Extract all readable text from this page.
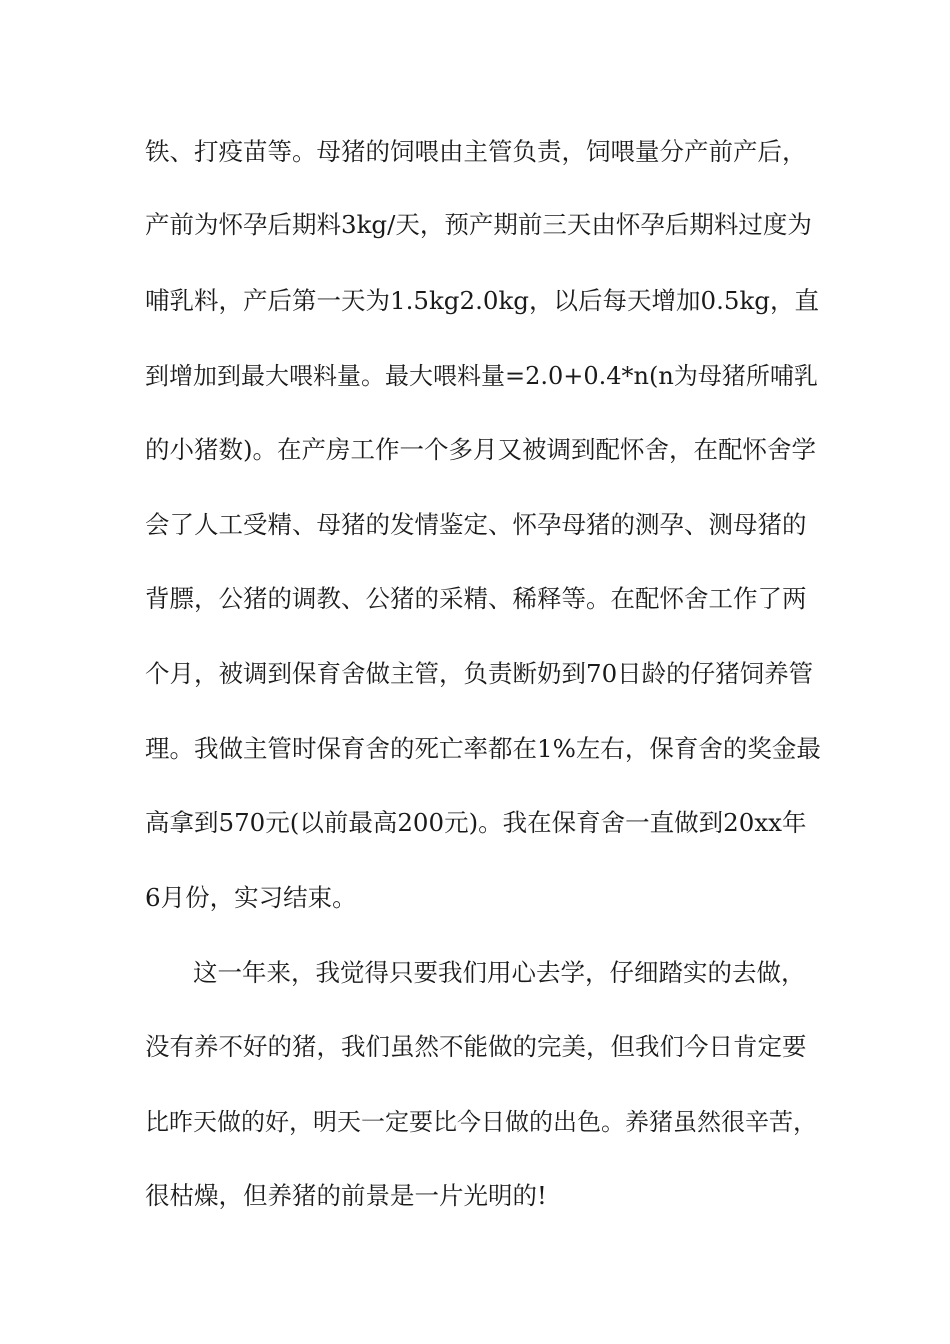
铁、打疫苗等。母猪的饲喂由主管负责，饲喂量分产前产后，
产前为怀孕后期料3kg/天，预产期前三天由怀孕后期料过度为
哺乳料，产后第一天为1.5kg2.0kg，以后每天增加0.5kg，直
到增加到最大喂料量。最大喂料量=2.0+0.4*n(n为母猪所哺乳
的小猪数)。在产房工作一个多月又被调到配怀舍，在配怀舍学
会了人工受精、母猪的发情鉴定、怀孕母猪的测孕、测母猪的
背膘，公猪的调教、公猪的采精、稀释等。在配怀舍工作了两
个月，被调到保育舍做主管，负责断奶到70日龄的仔猪饲养管
理。我做主管时保育舍的死亡率都在1%左右，保育舍的奖金最
高拿到570元(以前最高200元)。我在保育舍一直做到20xx年
6月份，实习结束。
这一年来，我觉得只要我们用心去学，仔细踏实的去做，
没有养不好的猪，我们虽然不能做的完美，但我们今日肯定要
比昨天做的好，明天一定要比今日做的出色。养猪虽然很辛苦，
很枯燥，但养猪的前景是一片光明的!
